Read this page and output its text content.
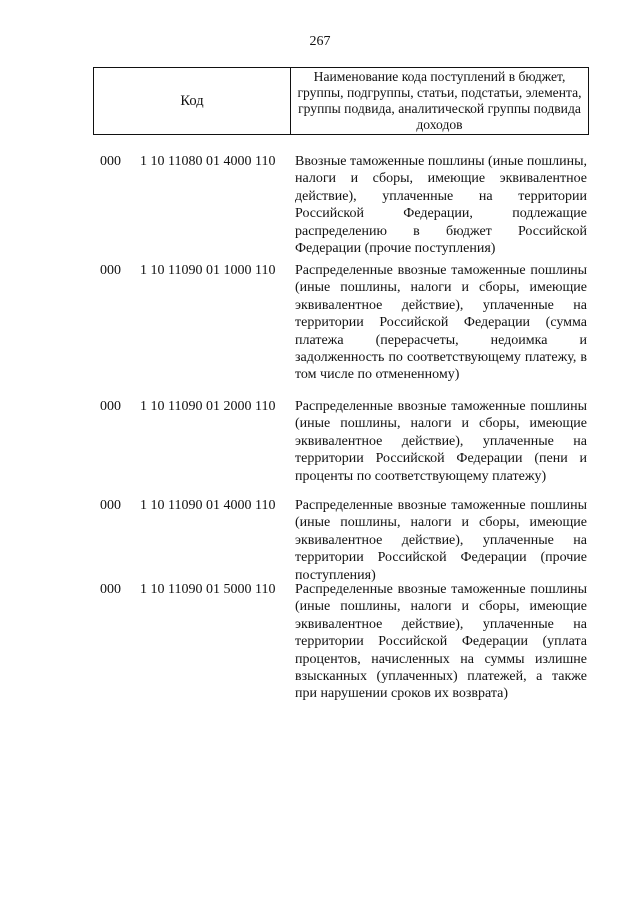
267
Код
Наименование кода поступлений в бюджет, группы, подгруппы, статьи, подстатьи, элемента, группы подвида, аналитической группы подвида доходов
000	1 10 11080 01 4000 110	Ввозные таможенные пошлины (иные пошлины, налоги и сборы, имеющие эквивалентное действие), уплаченные на территории Российской Федерации, подлежащие распределению в бюджет Российской Федерации (прочие поступления)
000	1 10 11090 01 1000 110	Распределенные ввозные таможенные пошлины (иные пошлины, налоги и сборы, имеющие эквивалентное действие), уплаченные на территории Российской Федерации (сумма платежа (перерасчеты, недоимка и задолженность по соответствующему платежу, в том числе по отмененному)
000	1 10 11090 01 2000 110	Распределенные ввозные таможенные пошлины (иные пошлины, налоги и сборы, имеющие эквивалентное действие), уплаченные на территории Российской Федерации (пени и проценты по соответствующему платежу)
000	1 10 11090 01 4000 110	Распределенные ввозные таможенные пошлины (иные пошлины, налоги и сборы, имеющие эквивалентное действие), уплаченные на территории Российской Федерации (прочие поступления)
000	1 10 11090 01 5000 110	Распределенные ввозные таможенные пошлины (иные пошлины, налоги и сборы, имеющие эквивалентное действие), уплаченные на территории Российской Федерации (уплата процентов, начисленных на суммы излишне взысканных (уплаченных) платежей, а также при нарушении сроков их возврата)
